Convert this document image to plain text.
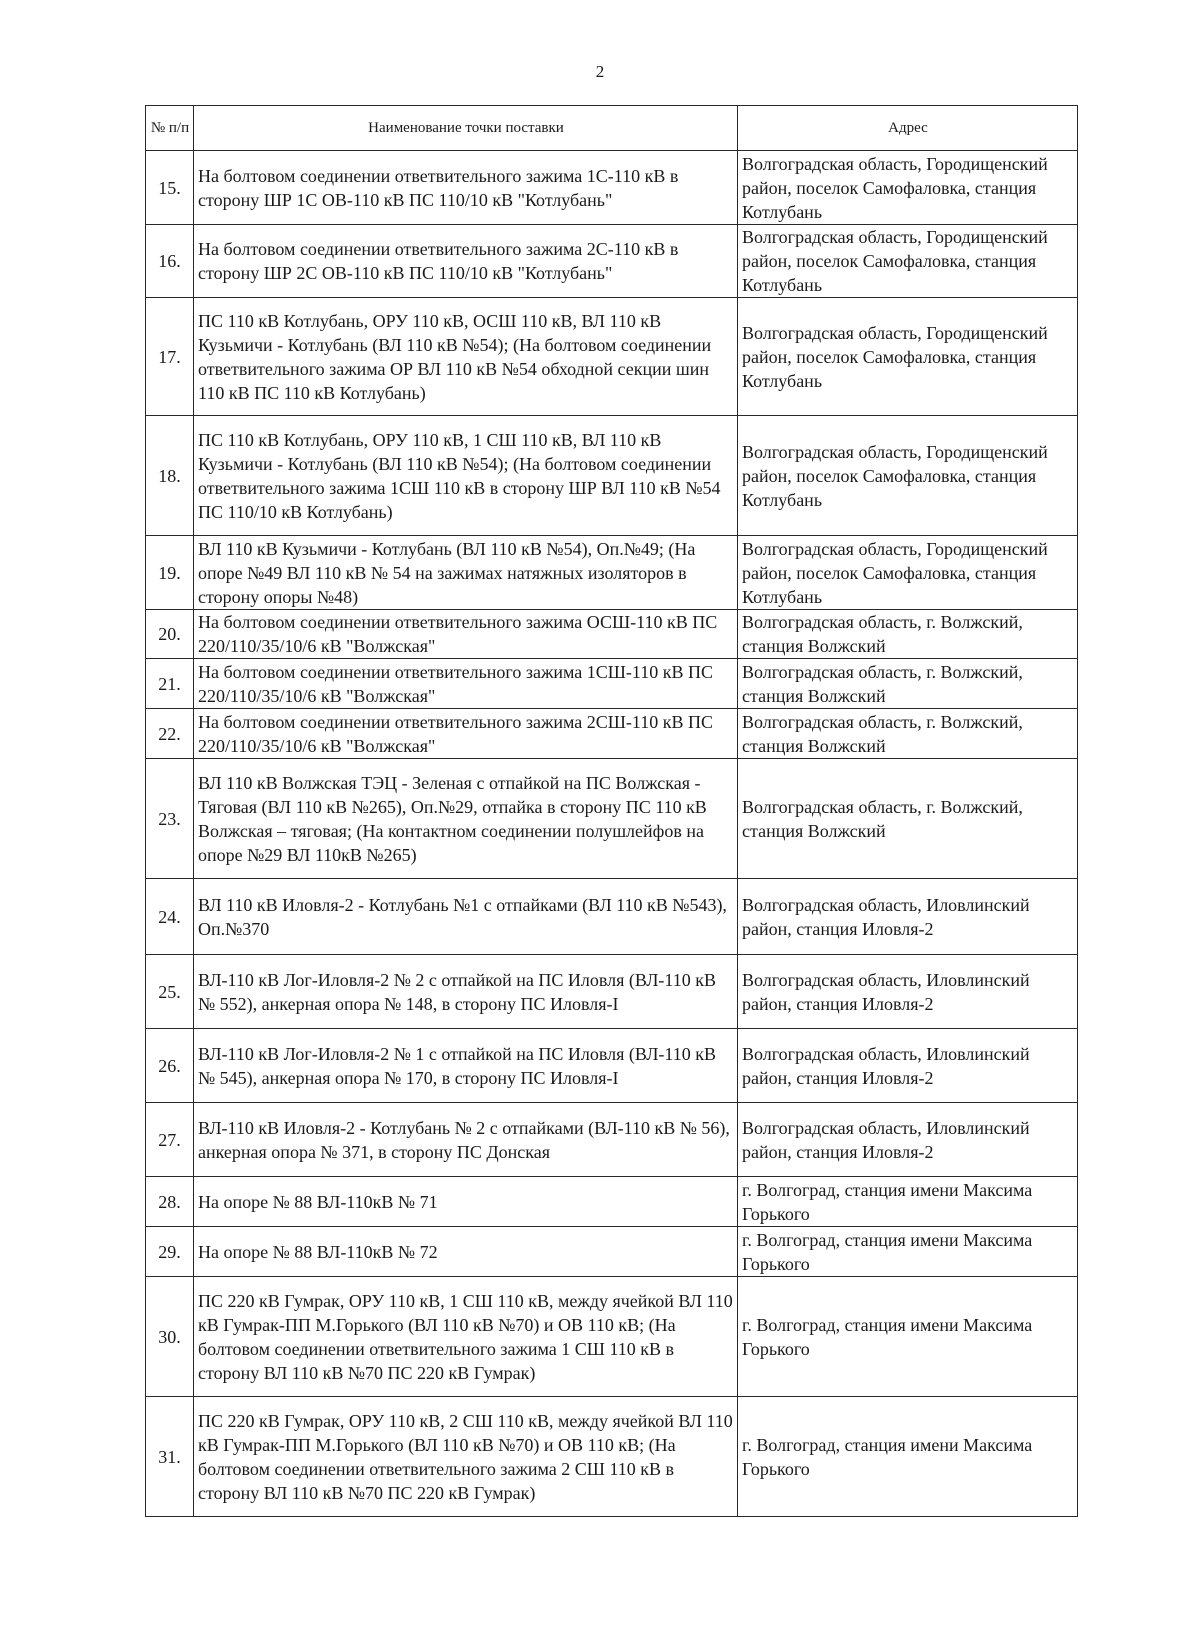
2
№ п/п	Наименование точки поставки	Адрес
15.	На болтовом соединении ответвительного зажима 1С-110 кВ в сторону ШР 1С ОВ-110 кВ ПС 110/10 кВ "Котлубань"	Волгоградская область, Городищенский район, поселок Самофаловка, станция Котлубань
16.	На болтовом соединении ответвительного зажима 2С-110 кВ в сторону ШР 2С ОВ-110 кВ ПС 110/10 кВ "Котлубань"	Волгоградская область, Городищенский район, поселок Самофаловка, станция Котлубань
17.	ПС 110 кВ Котлубань, ОРУ 110 кВ, ОСШ 110 кВ, ВЛ 110 кВ Кузьмичи - Котлубань (ВЛ 110 кВ №54); (На болтовом соединении ответвительного зажима ОР ВЛ 110 кВ №54 обходной секции шин 110 кВ ПС 110 кВ Котлубань)	Волгоградская область, Городищенский район, поселок Самофаловка, станция Котлубань
18.	ПС 110 кВ Котлубань, ОРУ 110 кВ, 1 СШ 110 кВ, ВЛ 110 кВ Кузьмичи - Котлубань (ВЛ 110 кВ №54); (На болтовом соединении ответвительного зажима 1СШ 110 кВ в сторону ШР ВЛ 110 кВ №54 ПС 110/10 кВ Котлубань)	Волгоградская область, Городищенский район, поселок Самофаловка, станция Котлубань
19.	ВЛ 110 кВ Кузьмичи - Котлубань (ВЛ 110 кВ №54), Оп.№49; (На опоре №49 ВЛ 110 кВ № 54 на зажимах натяжных изоляторов в сторону опоры №48)	Волгоградская область, Городищенский район, поселок Самофаловка, станция Котлубань
20.	На болтовом соединении ответвительного зажима ОСШ-110 кВ ПС 220/110/35/10/6 кВ "Волжская"	Волгоградская область, г. Волжский, станция Волжский
21.	На болтовом соединении ответвительного зажима 1СШ-110 кВ ПС 220/110/35/10/6 кВ "Волжская"	Волгоградская область, г. Волжский, станция Волжский
22.	На болтовом соединении ответвительного зажима 2СШ-110 кВ ПС 220/110/35/10/6 кВ "Волжская"	Волгоградская область, г. Волжский, станция Волжский
23.	ВЛ 110 кВ Волжская ТЭЦ - Зеленая с отпайкой на ПС Волжская - Тяговая (ВЛ 110 кВ №265), Оп.№29, отпайка в сторону ПС 110 кВ Волжская – тяговая; (На контактном соединении полушлейфов на опоре №29 ВЛ 110кВ №265)	Волгоградская область, г. Волжский, станция Волжский
24.	ВЛ 110 кВ Иловля-2 - Котлубань №1 с отпайками (ВЛ 110 кВ №543), Оп.№370	Волгоградская область, Иловлинский район, станция Иловля-2
25.	ВЛ-110 кВ Лог-Иловля-2 № 2 с отпайкой на ПС Иловля (ВЛ-110 кВ № 552), анкерная опора № 148, в сторону ПС Иловля-I	Волгоградская область, Иловлинский район, станция Иловля-2
26.	ВЛ-110 кВ Лог-Иловля-2 № 1 с отпайкой на ПС Иловля (ВЛ-110 кВ № 545), анкерная опора № 170, в сторону ПС Иловля-I	Волгоградская область, Иловлинский район, станция Иловля-2
27.	ВЛ-110 кВ Иловля-2 - Котлубань № 2 с отпайками (ВЛ-110 кВ № 56), анкерная опора № 371, в сторону ПС Донская	Волгоградская область, Иловлинский район, станция Иловля-2
28.	На опоре № 88 ВЛ-110кВ № 71	г. Волгоград, станция имени Максима Горького
29.	На опоре № 88 ВЛ-110кВ № 72	г. Волгоград, станция имени Максима Горького
30.	ПС 220 кВ Гумрак, ОРУ 110 кВ, 1 СШ 110 кВ, между ячейкой ВЛ 110 кВ Гумрак-ПП М.Горького (ВЛ 110 кВ №70) и ОВ 110 кВ; (На болтовом соединении ответвительного зажима 1 СШ 110 кВ в сторону ВЛ 110 кВ №70 ПС 220 кВ Гумрак)	г. Волгоград, станция имени Максима Горького
31.	ПС 220 кВ Гумрак, ОРУ 110 кВ, 2 СШ 110 кВ, между ячейкой ВЛ 110 кВ Гумрак-ПП М.Горького (ВЛ 110 кВ №70) и ОВ 110 кВ; (На болтовом соединении ответвительного зажима 2 СШ 110 кВ в сторону ВЛ 110 кВ №70 ПС 220 кВ Гумрак)	г. Волгоград, станция имени Максима Горького
